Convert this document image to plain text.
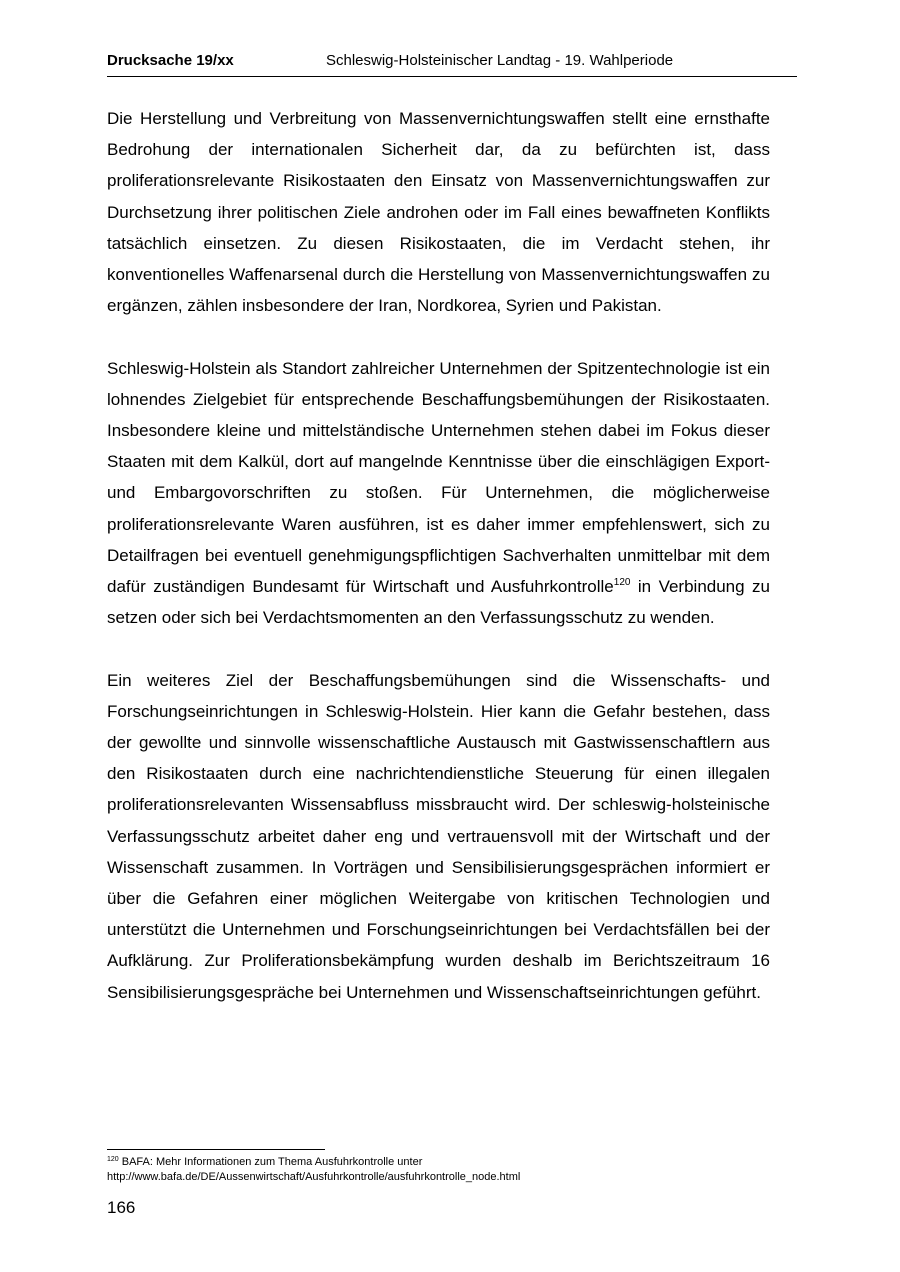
Drucksache 19/xx	Schleswig-Holsteinischer Landtag - 19. Wahlperiode

Die Herstellung und Verbreitung von Massenvernichtungswaffen stellt eine ernsthafte Bedrohung der internationalen Sicherheit dar, da zu befürchten ist, dass proliferationsrelevante Risikostaaten den Einsatz von Massenvernichtungswaffen zur Durchsetzung ihrer politischen Ziele androhen oder im Fall eines bewaffneten Konflikts tatsächlich einsetzen. Zu diesen Risikostaaten, die im Verdacht stehen, ihr konventionelles Waffenarsenal durch die Herstellung von Massenvernichtungswaffen zu ergänzen, zählen insbesondere der Iran, Nordkorea, Syrien und Pakistan.

Schleswig-Holstein als Standort zahlreicher Unternehmen der Spitzentechnologie ist ein lohnendes Zielgebiet für entsprechende Beschaffungsbemühungen der Risikostaaten. Insbesondere kleine und mittelständische Unternehmen stehen dabei im Fokus dieser Staaten mit dem Kalkül, dort auf mangelnde Kenntnisse über die einschlägigen Export- und Embargovorschriften zu stoßen. Für Unternehmen, die möglicherweise proliferationsrelevante Waren ausführen, ist es daher immer empfehlenswert, sich zu Detailfragen bei eventuell genehmigungspflichtigen Sachverhalten unmittelbar mit dem dafür zuständigen Bundesamt für Wirtschaft und Ausfuhrkontrolle$^{120}$ in Verbindung zu setzen oder sich bei Verdachtsmomenten an den Verfassungsschutz zu wenden.

Ein weiteres Ziel der Beschaffungsbemühungen sind die Wissenschafts- und Forschungseinrichtungen in Schleswig-Holstein. Hier kann die Gefahr bestehen, dass der gewollte und sinnvolle wissenschaftliche Austausch mit Gastwissenschaftlern aus den Risikostaaten durch eine nachrichtendienstliche Steuerung für einen illegalen proliferationsrelevanten Wissensabfluss missbraucht wird. Der schleswig-holsteinische Verfassungsschutz arbeitet daher eng und vertrauensvoll mit der Wirtschaft und der Wissenschaft zusammen. In Vorträgen und Sensibilisierungsgesprächen informiert er über die Gefahren einer möglichen Weitergabe von kritischen Technologien und unterstützt die Unternehmen und Forschungseinrichtungen bei Verdachtsfällen bei der Aufklärung. Zur Proliferationsbekämpfung wurden deshalb im Berichtszeitraum 16 Sensibilisierungsgespräche bei Unternehmen und Wissenschaftseinrichtungen geführt.

$^{120}$ BAFA: Mehr Informationen zum Thema Ausfuhrkontrolle unter
http://www.bafa.de/DE/Aussenwirtschaft/Ausfuhrkontrolle/ausfuhrkontrolle_node.html
166
